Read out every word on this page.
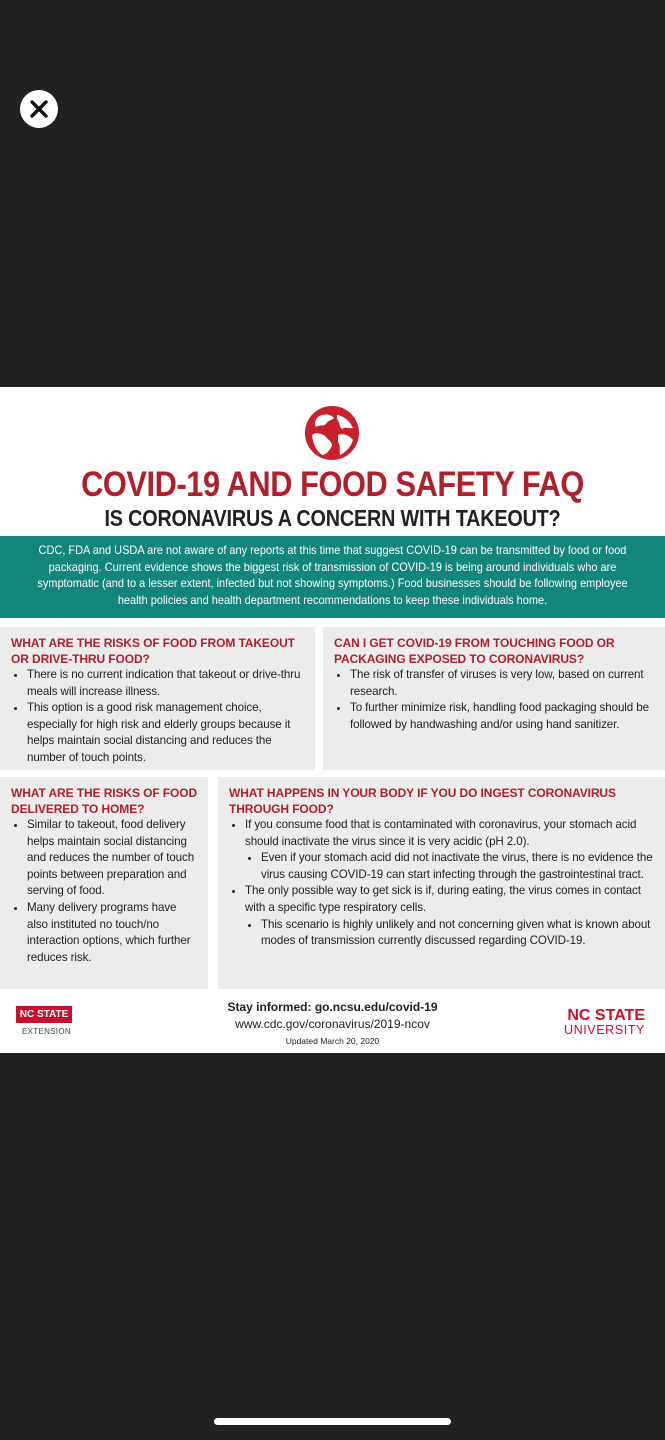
COVID-19 AND FOOD SAFETY FAQ
IS CORONAVIRUS A CONCERN WITH TAKEOUT?
CDC, FDA and USDA are not aware of any reports at this time that suggest COVID-19 can be transmitted by food or food packaging. Current evidence shows the biggest risk of transmission of COVID-19 is being around individuals who are symptomatic (and to a lesser extent, infected but not showing symptoms.) Food businesses should be following employee health policies and health department recommendations to keep these individuals home.
WHAT ARE THE RISKS OF FOOD FROM TAKEOUT OR DRIVE-THRU FOOD?
• There is no current indication that takeout or drive-thru meals will increase illness.
• This option is a good risk management choice, especially for high risk and elderly groups because it helps maintain social distancing and reduces the number of touch points.
CAN I GET COVID-19 FROM TOUCHING FOOD OR PACKAGING EXPOSED TO CORONAVIRUS?
• The risk of transfer of viruses is very low, based on current research.
• To further minimize risk, handling food packaging should be followed by handwashing and/or using hand sanitizer.
WHAT ARE THE RISKS OF FOOD DELIVERED TO HOME?
• Similar to takeout, food delivery helps maintain social distancing and reduces the number of touch points between preparation and serving of food.
• Many delivery programs have also instituted no touch/no interaction options, which further reduces risk.
WHAT HAPPENS IN YOUR BODY IF YOU DO INGEST CORONAVIRUS THROUGH FOOD?
• If you consume food that is contaminated with coronavirus, your stomach acid should inactivate the virus since it is very acidic (pH 2.0).
• Even if your stomach acid did not inactivate the virus, there is no evidence the virus causing COVID-19 can start infecting through the gastrointestinal tract.
• The only possible way to get sick is if, during eating, the virus comes in contact with a specific type respiratory cells.
• This scenario is highly unlikely and not concerning given what is known about modes of transmission currently discussed regarding COVID-19.
NC STATE
EXTENSION
Stay informed: go.ncsu.edu/covid-19
www.cdc.gov/coronavirus/2019-ncov
Updated March 20, 2020
NC STATE
UNIVERSITY
